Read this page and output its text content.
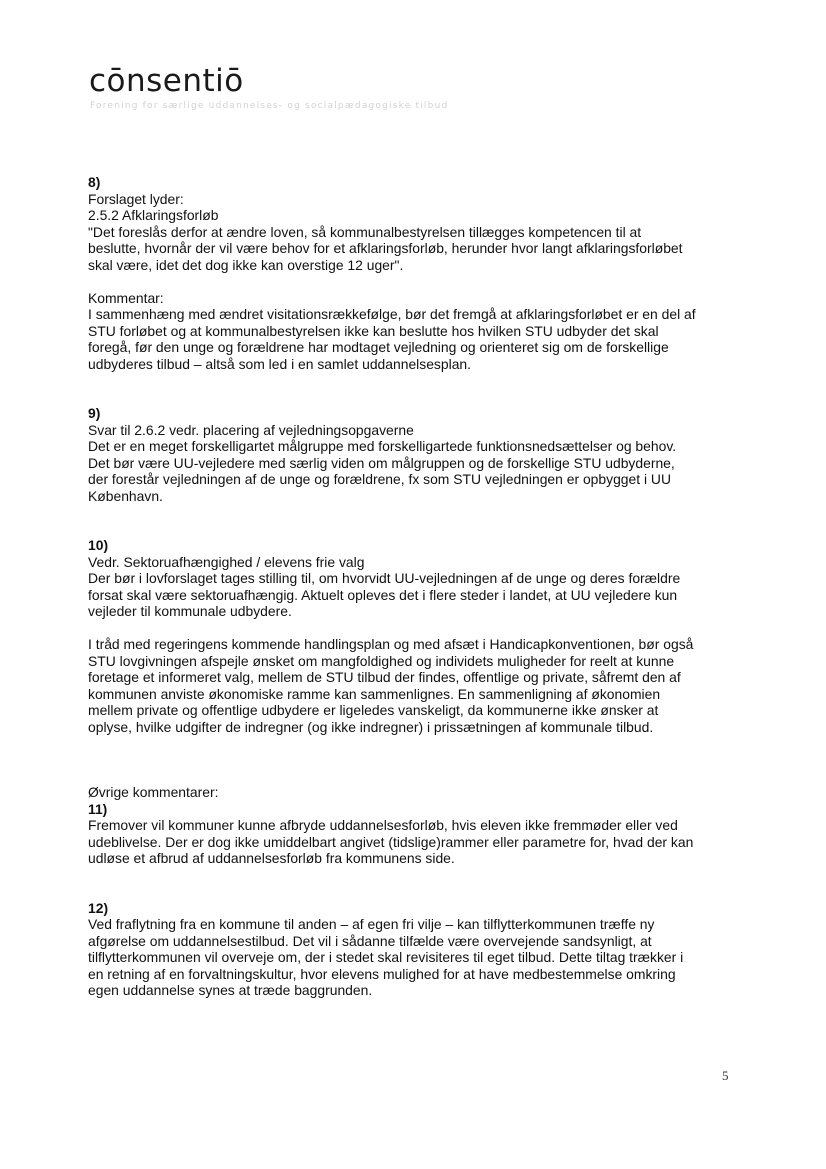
cōnsentiō
Forening for særlige uddannelses- og socialpædagogiske tilbud
8)
Forslaget lyder:
2.5.2 Afklaringsforløb
"Det foreslås derfor at ændre loven, så kommunalbestyrelsen tillægges kompetencen til at
beslutte, hvornår der vil være behov for et afklaringsforløb, herunder hvor langt afklaringsforløbet
skal være, idet det dog ikke kan overstige 12 uger".
Kommentar:
I sammenhæng med ændret visitationsrækkefølge, bør det fremgå at afklaringsforløbet er en del af
STU forløbet og at kommunalbestyrelsen ikke kan beslutte hos hvilken STU udbyder det skal
foregå, før den unge og forældrene har modtaget vejledning og orienteret sig om de forskellige
udbyderes tilbud – altså som led i en samlet uddannelsesplan.
9)
Svar til 2.6.2 vedr. placering af vejledningsopgaverne
Det er en meget forskelligartet målgruppe med forskelligartede funktionsnedsættelser og behov.
Det bør være UU-vejledere med særlig viden om målgruppen og de forskellige STU udbyderne,
der forestår vejledningen af de unge og forældrene, fx som STU vejledningen er opbygget i UU
København.
10)
Vedr. Sektoruafhængighed / elevens frie valg
Der bør i lovforslaget tages stilling til, om hvorvidt UU-vejledningen af de unge og deres forældre
forsat skal være sektoruafhængig. Aktuelt opleves det i flere steder i landet, at UU vejledere kun
vejleder til kommunale udbydere.
I tråd med regeringens kommende handlingsplan og med afsæt i Handicapkonventionen, bør også
STU lovgivningen afspejle ønsket om mangfoldighed og individets muligheder for reelt at kunne
foretage et informeret valg, mellem de STU tilbud der findes, offentlige og private, såfremt den af
kommunen anviste økonomiske ramme kan sammenlignes. En sammenligning af økonomien
mellem private og offentlige udbydere er ligeledes vanskeligt, da kommunerne ikke ønsker at
oplyse, hvilke udgifter de indregner (og ikke indregner) i prissætningen af kommunale tilbud.
Øvrige kommentarer:
11)
Fremover vil kommuner kunne afbryde uddannelsesforløb, hvis eleven ikke fremmøder eller ved
udeblivelse. Der er dog ikke umiddelbart angivet (tidslige)rammer eller parametre for, hvad der kan
udløse et afbrud af uddannelsesforløb fra kommunens side.
12)
Ved fraflytning fra en kommune til anden – af egen fri vilje – kan tilflytterkommunen træffe ny
afgørelse om uddannelsestilbud. Det vil i sådanne tilfælde være overvejende sandsynligt, at
tilflytterkommunen vil overveje om, der i stedet skal revisiteres til eget tilbud. Dette tiltag trækker i
en retning af en forvaltningskultur, hvor elevens mulighed for at have medbestemmelse omkring
egen uddannelse synes at træde baggrunden.
5
